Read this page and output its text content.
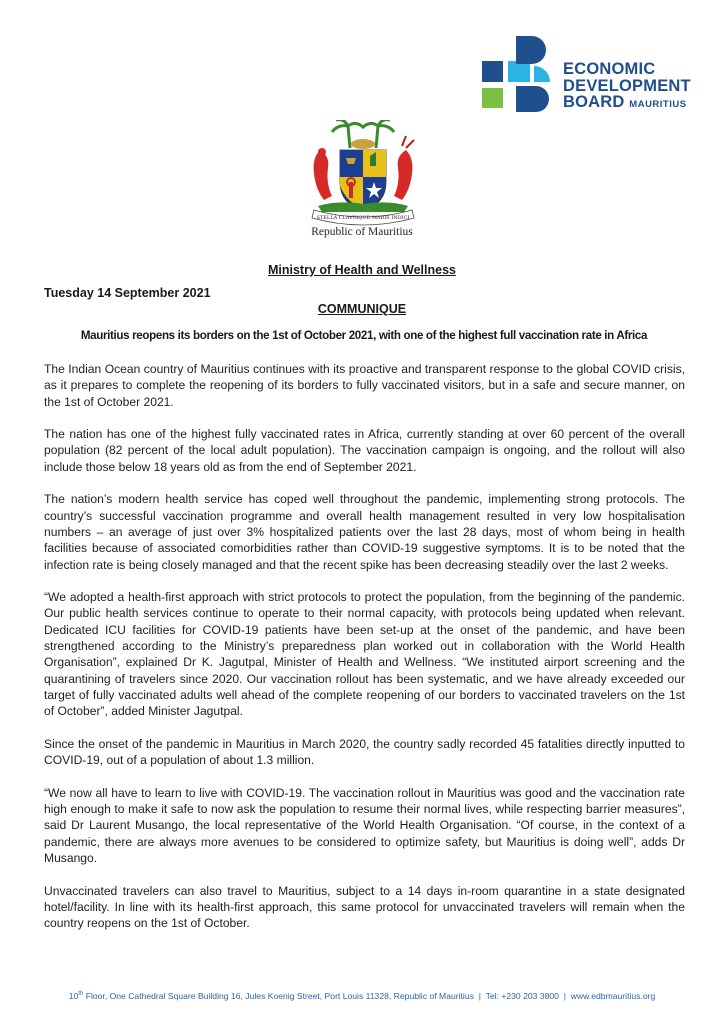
ECONOMIC
DEVELOPMENT
BOARD MAURITIUS
STELLA CLAVISQUE MARIS INDICI
Republic of Mauritius
Ministry of Health and Wellness
Tuesday 14 September 2021
COMMUNIQUE
Mauritius reopens its borders on the 1st of October 2021, with one of the highest full vaccination rate in Africa

The Indian Ocean country of Mauritius continues with its proactive and transparent response to the global COVID crisis, as it prepares to complete the reopening of its borders to fully vaccinated visitors, but in a safe and secure manner, on the 1st of October 2021.

The nation has one of the highest fully vaccinated rates in Africa, currently standing at over 60 percent of the overall population (82 percent of the local adult population). The vaccination campaign is ongoing, and the rollout will also include those below 18 years old as from the end of September 2021.

The nation’s modern health service has coped well throughout the pandemic, implementing strong protocols. The country’s successful vaccination programme and overall health management resulted in very low hospitalisation numbers – an average of just over 3% hospitalized patients over the last 28 days, most of whom being in health facilities because of associated comorbidities rather than COVID-19 suggestive symptoms. It is to be noted that the infection rate is being closely managed and that the recent spike has been decreasing steadily over the last 2 weeks.

“We adopted a health-first approach with strict protocols to protect the population, from the beginning of the pandemic. Our public health services continue to operate to their normal capacity, with protocols being updated when relevant. Dedicated ICU facilities for COVID-19 patients have been set-up at the onset of the pandemic, and have been strengthened according to the Ministry’s preparedness plan worked out in collaboration with the World Health Organisation”, explained Dr K. Jagutpal, Minister of Health and Wellness. “We instituted airport screening and the quarantining of travelers since 2020. Our vaccination rollout has been systematic, and we have already exceeded our target of fully vaccinated adults well ahead of the complete reopening of our borders to vaccinated travelers on the 1st of October”, added Minister Jagutpal.

Since the onset of the pandemic in Mauritius in March 2020, the country sadly recorded 45 fatalities directly inputted to COVID-19, out of a population of about 1.3 million.

“We now all have to learn to live with COVID-19. The vaccination rollout in Mauritius was good and the vaccination rate high enough to make it safe to now ask the population to resume their normal lives, while respecting barrier measures”, said Dr Laurent Musango, the local representative of the World Health Organisation. “Of course, in the context of a pandemic, there are always more avenues to be considered to optimize safety, but Mauritius is doing well”, adds Dr Musango.

Unvaccinated travelers can also travel to Mauritius, subject to a 14 days in-room quarantine in a state designated hotel/facility. In line with its health-first approach, this same protocol for unvaccinated travelers will remain when the country reopens on the 1st of October.

10th Floor, One Cathedral Square Building 16, Jules Koenig Street, Port Louis 11328, Republic of Mauritius | Tel: +230 203 3800 | www.edbmauritius.org
